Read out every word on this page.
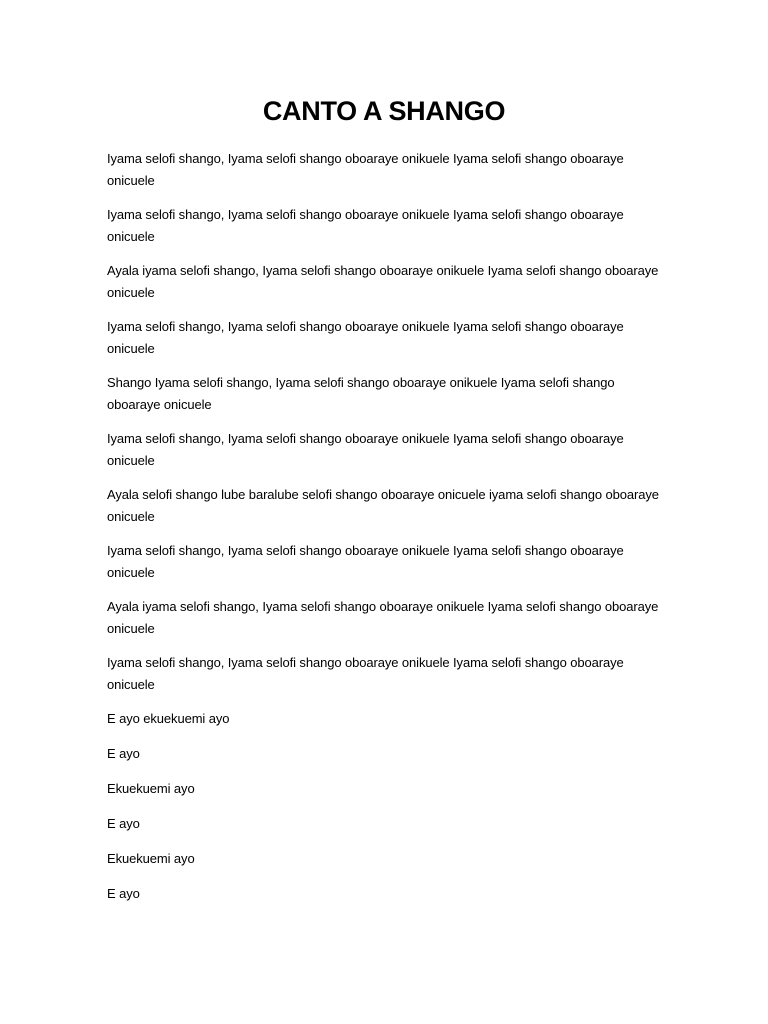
CANTO A SHANGO

Iyama selofi shango, Iyama selofi shango oboaraye onikuele Iyama selofi shango oboaraye onicuele

Iyama selofi shango, Iyama selofi shango oboaraye onikuele Iyama selofi shango oboaraye onicuele

Ayala iyama selofi shango, Iyama selofi shango oboaraye onikuele Iyama selofi shango oboaraye onicuele

Iyama selofi shango, Iyama selofi shango oboaraye onikuele Iyama selofi shango oboaraye onicuele

Shango Iyama selofi shango, Iyama selofi shango oboaraye onikuele Iyama selofi shango oboaraye onicuele

Iyama selofi shango, Iyama selofi shango oboaraye onikuele Iyama selofi shango oboaraye onicuele

Ayala selofi shango lube baralube selofi shango oboaraye onicuele iyama selofi shango oboaraye onicuele

Iyama selofi shango, Iyama selofi shango oboaraye onikuele Iyama selofi shango oboaraye onicuele

Ayala iyama selofi shango, Iyama selofi shango oboaraye onikuele Iyama selofi shango oboaraye onicuele

Iyama selofi shango, Iyama selofi shango oboaraye onikuele Iyama selofi shango oboaraye onicuele

E ayo ekuekuemi ayo

E ayo

Ekuekuemi ayo

E ayo

Ekuekuemi ayo

E ayo
